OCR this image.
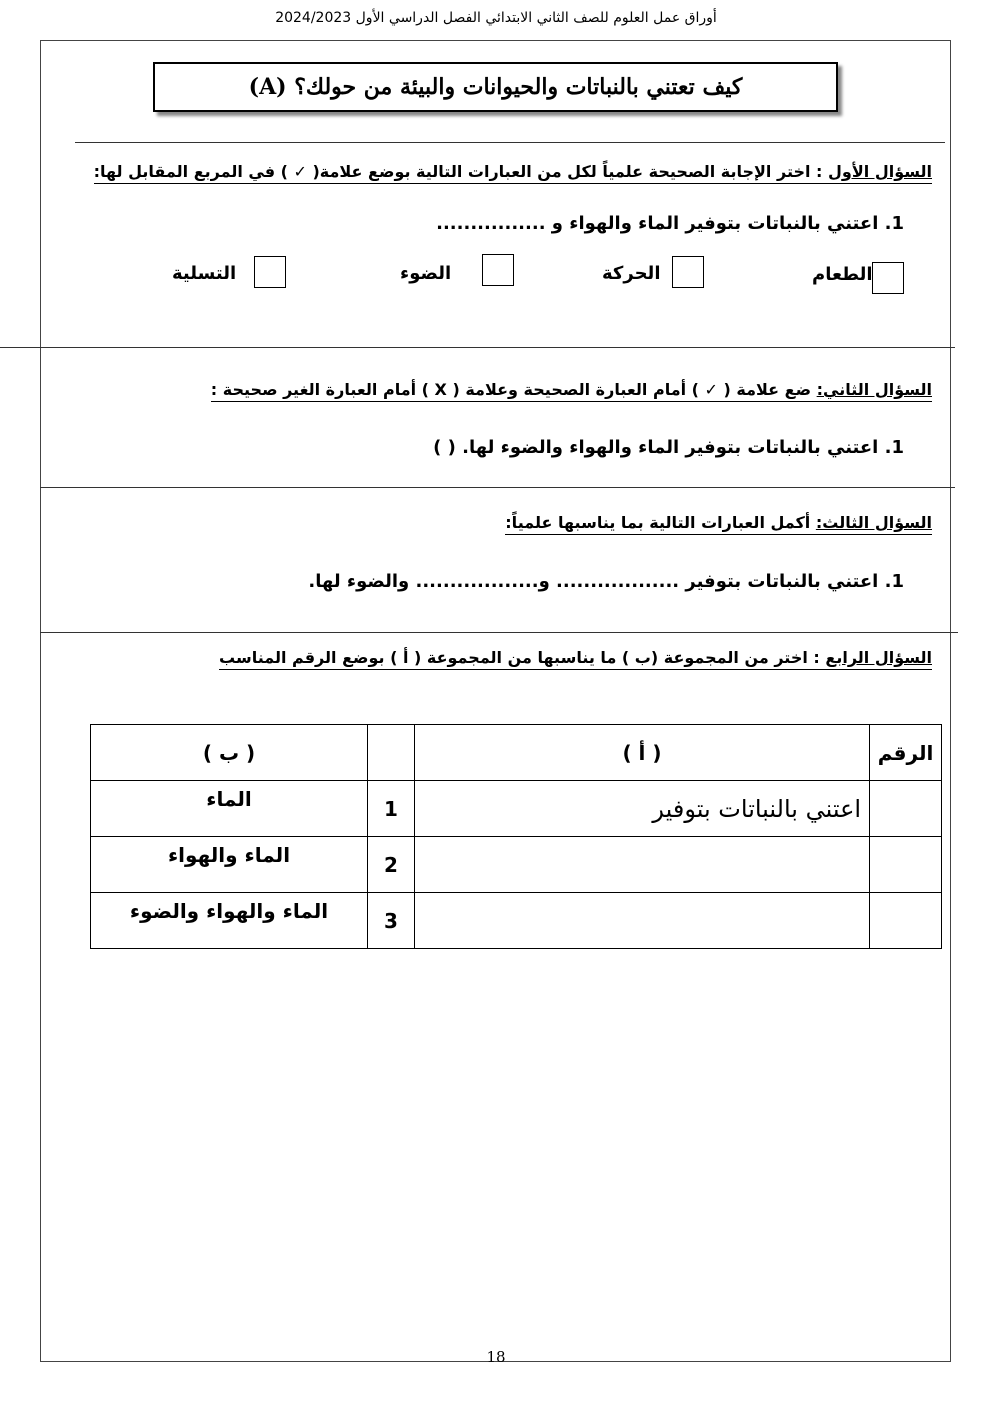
أوراق عمل العلوم للصف الثاني الابتدائي الفصل الدراسي الأول 2024/2023
كيف تعتني بالنباتات والحيوانات والبيئة من حولك؟ (A)
السؤال الأول : اختر الإجابة الصحيحة علمياً لكل من العبارات التالية بوضع علامة( ✓ ) في المربع المقابل لها:
1. اعتني بالنباتات بتوفير الماء والهواء و ................
الطعام
الحركة
الضوء
التسلية
السؤال الثاني: ضع علامة ( ✓ ) أمام العبارة الصحيحة وعلامة ( X ) أمام العبارة الغير صحيحة :
1. اعتني بالنباتات بتوفير الماء والهواء والضوء لها. ( )
السؤال الثالث: أكمل العبارات التالية بما يناسبها علمياً:
1. اعتني بالنباتات بتوفير .................. و.................. والضوء لها.
السؤال الرابع : اختر من المجموعة (ب ) ما يناسبها من المجموعة ( أ ) بوضع الرقم المناسب
الرقم	( أ )		( ب )
	اعتني بالنباتات بتوفير	1	الماء
		2	الماء والهواء
		3	الماء والهواء والضوء
18
